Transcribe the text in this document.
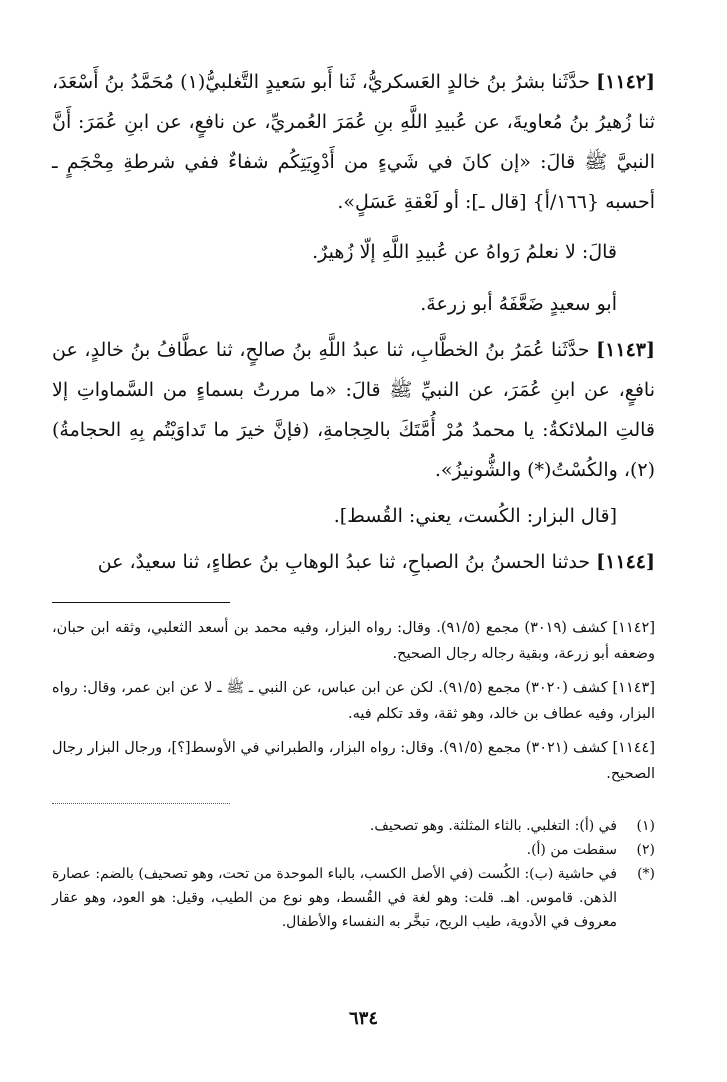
[١١٤٢] حدَّثَنا بشرُ بنُ خالدٍ العَسكريُّ، ثَنا أَبو سَعيدٍ التَّغلبيُّ(١) مُحَمَّدُ بنُ أَسْعَدَ، ثنا زُهيرُ بنُ مُعاويةَ، عن عُبيدِ اللَّهِ بنِ عُمَرَ العُمريِّ، عن نافعٍ، عن ابنِ عُمَرَ: أَنَّ النبيَّ ﷺ قالَ: «إن كانَ في شَيءٍ من أَدْوِيَتِكُم شفاءٌ ففي شرطةِ مِحْجَمٍ ـ أحسبه {١٦٦/أ} [قال ـ]: أو لَعْقةِ عَسَلٍ».

قالَ: لا نعلمُ رَواهُ عن عُبيدِ اللَّهِ إلّا زُهيرٌ.

أبو سعيدٍ ضَعَّفَهُ أبو زرعةَ.

[١١٤٣] حدَّثَنا عُمَرُ بنُ الخطَّابِ، ثنا عبدُ اللَّهِ بنُ صالحٍ، ثنا عطَّافُ بنُ خالدٍ، عن نافعٍ، عن ابنِ عُمَرَ، عن النبيِّ ﷺ قالَ: «ما مررتُ بسماءٍ من السَّماواتِ إلا قالتِ الملائكةُ: يا محمدُ مُرْ أُمَّتَكَ بالحِجامةِ، (فإنَّ خيرَ ما تَداوَيْتُم بِهِ الحجامةُ)(٢)، والكُسْتُ(*) والشُّونيزُ».

[قال البزار: الكُست، يعني: القُسط].

[١١٤٤] حدثنا الحسنُ بنُ الصباحِ، ثنا عبدُ الوهابِ بنُ عطاءٍ، ثنا سعيدٌ، عن

[١١٤٢] كشف (٣٠١٩) مجمع (٩١/٥). وقال: رواه البزار، وفيه محمد بن أسعد الثعلبي، وثقه ابن حبان، وضعفه أبو زرعة، وبقية رجاله رجال الصحيح.

[١١٤٣] كشف (٣٠٢٠) مجمع (٩١/٥). لكن عن ابن عباس، عن النبي ـ ﷺ ـ لا عن ابن عمر، وقال: رواه البزار، وفيه عطاف بن خالد، وهو ثقة، وقد تكلم فيه.

[١١٤٤] كشف (٣٠٢١) مجمع (٩١/٥). وقال: رواه البزار، والطبراني في الأوسط[؟]، ورجال البزار رجال الصحيح.

(١)
في (أ): التغلبي. بالثاء المثلثة. وهو تصحيف.
(٢)
سقطت من (أ).
(*)
في حاشية (ب): الكُست (في الأصل الكسب، بالباء الموحدة من تحت، وهو تصحيف) بالضم: عصارة الذهن. قاموس. اهـ. قلت: وهو لغة في القُسط، وهو نوع من الطيب، وقيل: هو العود، وهو عقار معروف في الأدوية، طيب الريح، تبخَّر به النفساء والأطفال.
٦٣٤
